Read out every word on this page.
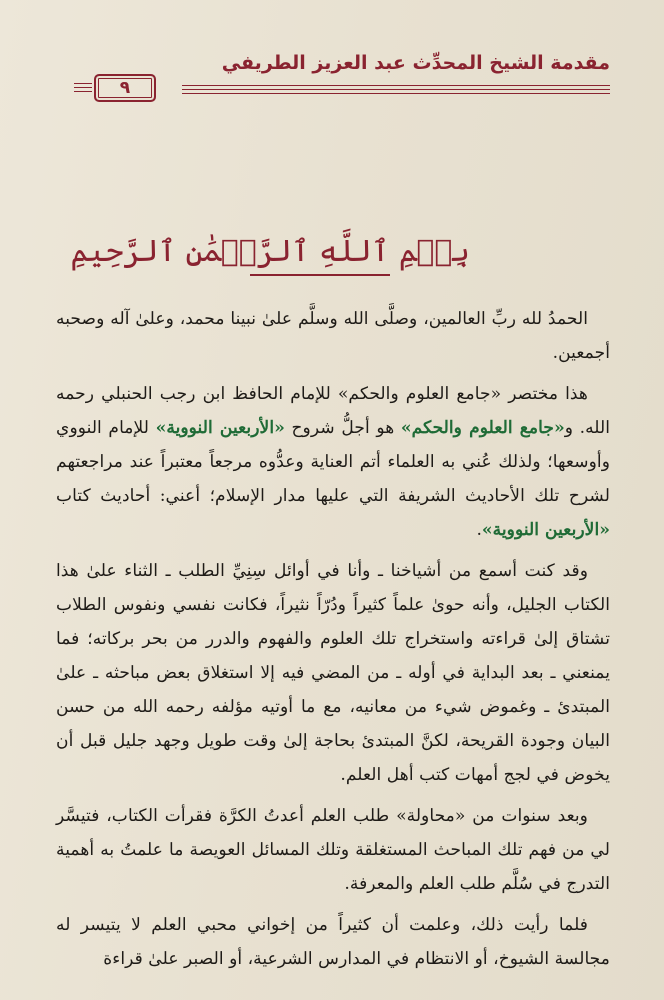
مقدمة الشيخ المحدِّث عبد العزيز الطريفي
٩
بِسۡمِ ٱللَّهِ ٱلرَّحۡمَٰنِ ٱلرَّحِيمِ

الحمدُ لله ربِّ العالمين، وصلَّى الله وسلَّم علىٰ نبينا محمد، وعلىٰ آله وصحبه أجمعين.

هذا مختصر «جامع العلوم والحكم» للإمام الحافظ ابن رجب الحنبلي رحمه الله. و«جامع العلوم والحكم» هو أجلُّ شروح «الأربعين النووية» للإمام النووي وأوسعها؛ ولذلك عُني به العلماء أتم العناية وعدُّوه مرجعاً معتبراً عند مراجعتهم لشرح تلك الأحاديث الشريفة التي عليها مدار الإسلام؛ أعني: أحاديث كتاب «الأربعين النووية».

وقد كنت أسمع من أشياخنا ـ وأنا في أوائل سِنِيِّ الطلب ـ الثناء علىٰ هذا الكتاب الجليل، وأنه حوىٰ علماً كثيراً ودُرّاً نثيراً، فكانت نفسي ونفوس الطلاب تشتاق إلىٰ قراءته واستخراج تلك العلوم والفهوم والدرر من بحر بركاته؛ فما يمنعني ـ بعد البداية في أوله ـ من المضي فيه إلا استغلاق بعض مباحثه ـ علىٰ المبتدئ ـ وغموض شيء من معانيه، مع ما أوتيه مؤلفه رحمه الله من حسن البيان وجودة القريحة، لكنَّ المبتدئ بحاجة إلىٰ وقت طويل وجهد جليل قبل أن يخوض في لجج أمهات كتب أهل العلم.

وبعد سنوات من «محاولة» طلب العلم أعدتُ الكرَّة فقرأت الكتاب، فتيسَّر لي من فهم تلك المباحث المستغلقة وتلك المسائل العويصة ما علمتُ به أهمية التدرج في سُلَّم طلب العلم والمعرفة.

فلما رأيت ذلك، وعلمت أن كثيراً من إخواني محبي العلم لا يتيسر له مجالسة الشيوخ، أو الانتظام في المدارس الشرعية، أو الصبر علىٰ قراءة
